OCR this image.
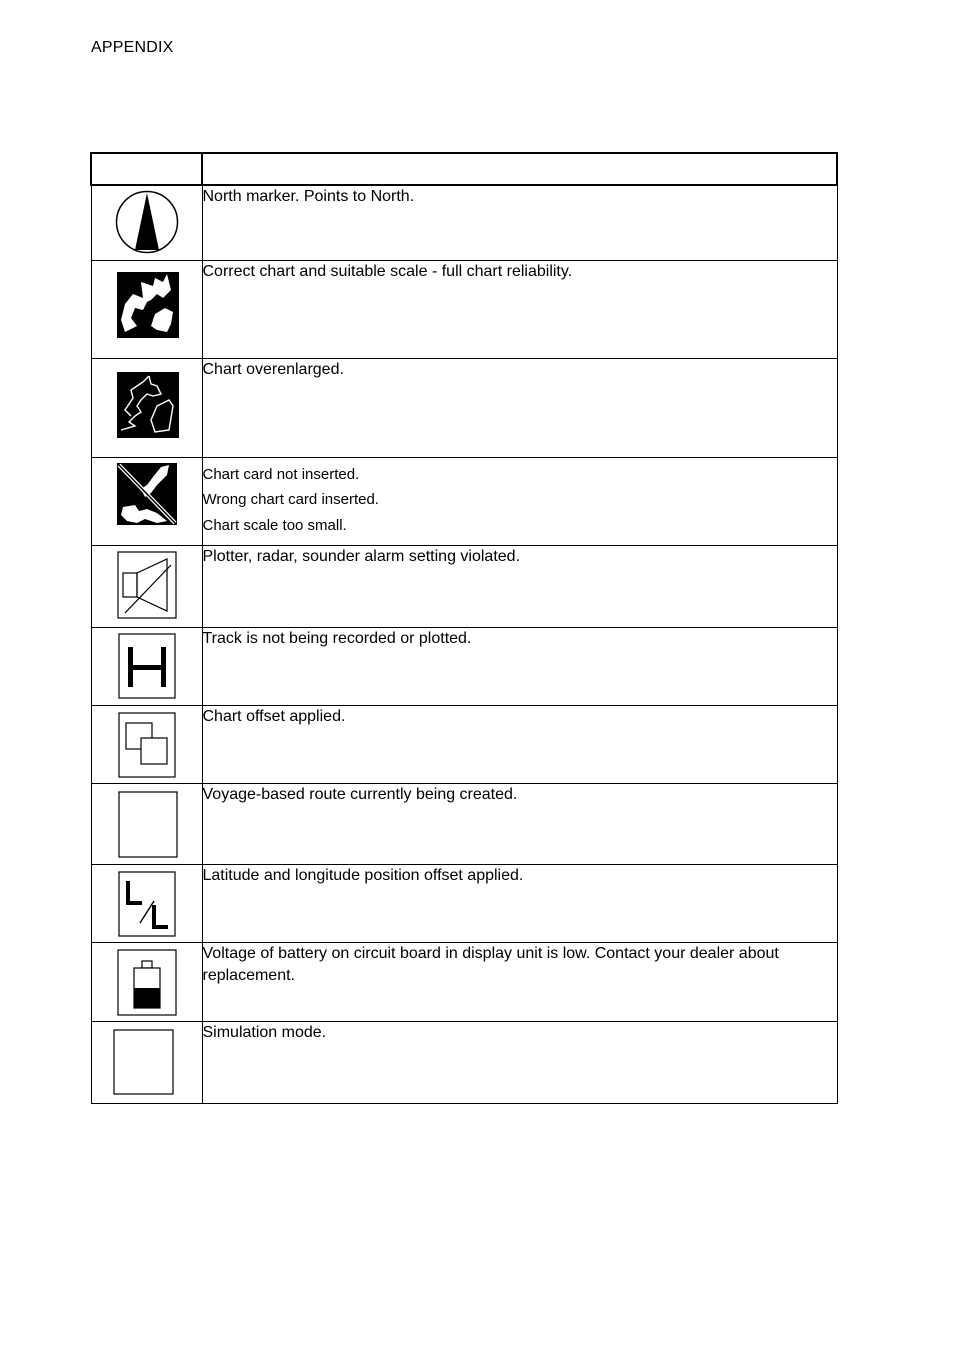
APPENDIX

North marker. Points to North.

Correct chart and suitable scale - full chart reliability.

Chart overenlarged.

Chart card not inserted.
Wrong chart card inserted.
Chart scale too small.

Plotter, radar, sounder alarm setting violated.

Track is not being recorded or plotted.

Chart offset applied.

Voyage-based route currently being created.

Latitude and longitude position offset applied.

Voltage of battery on circuit board in display unit is low. Contact your dealer about replacement.

Simulation mode.
